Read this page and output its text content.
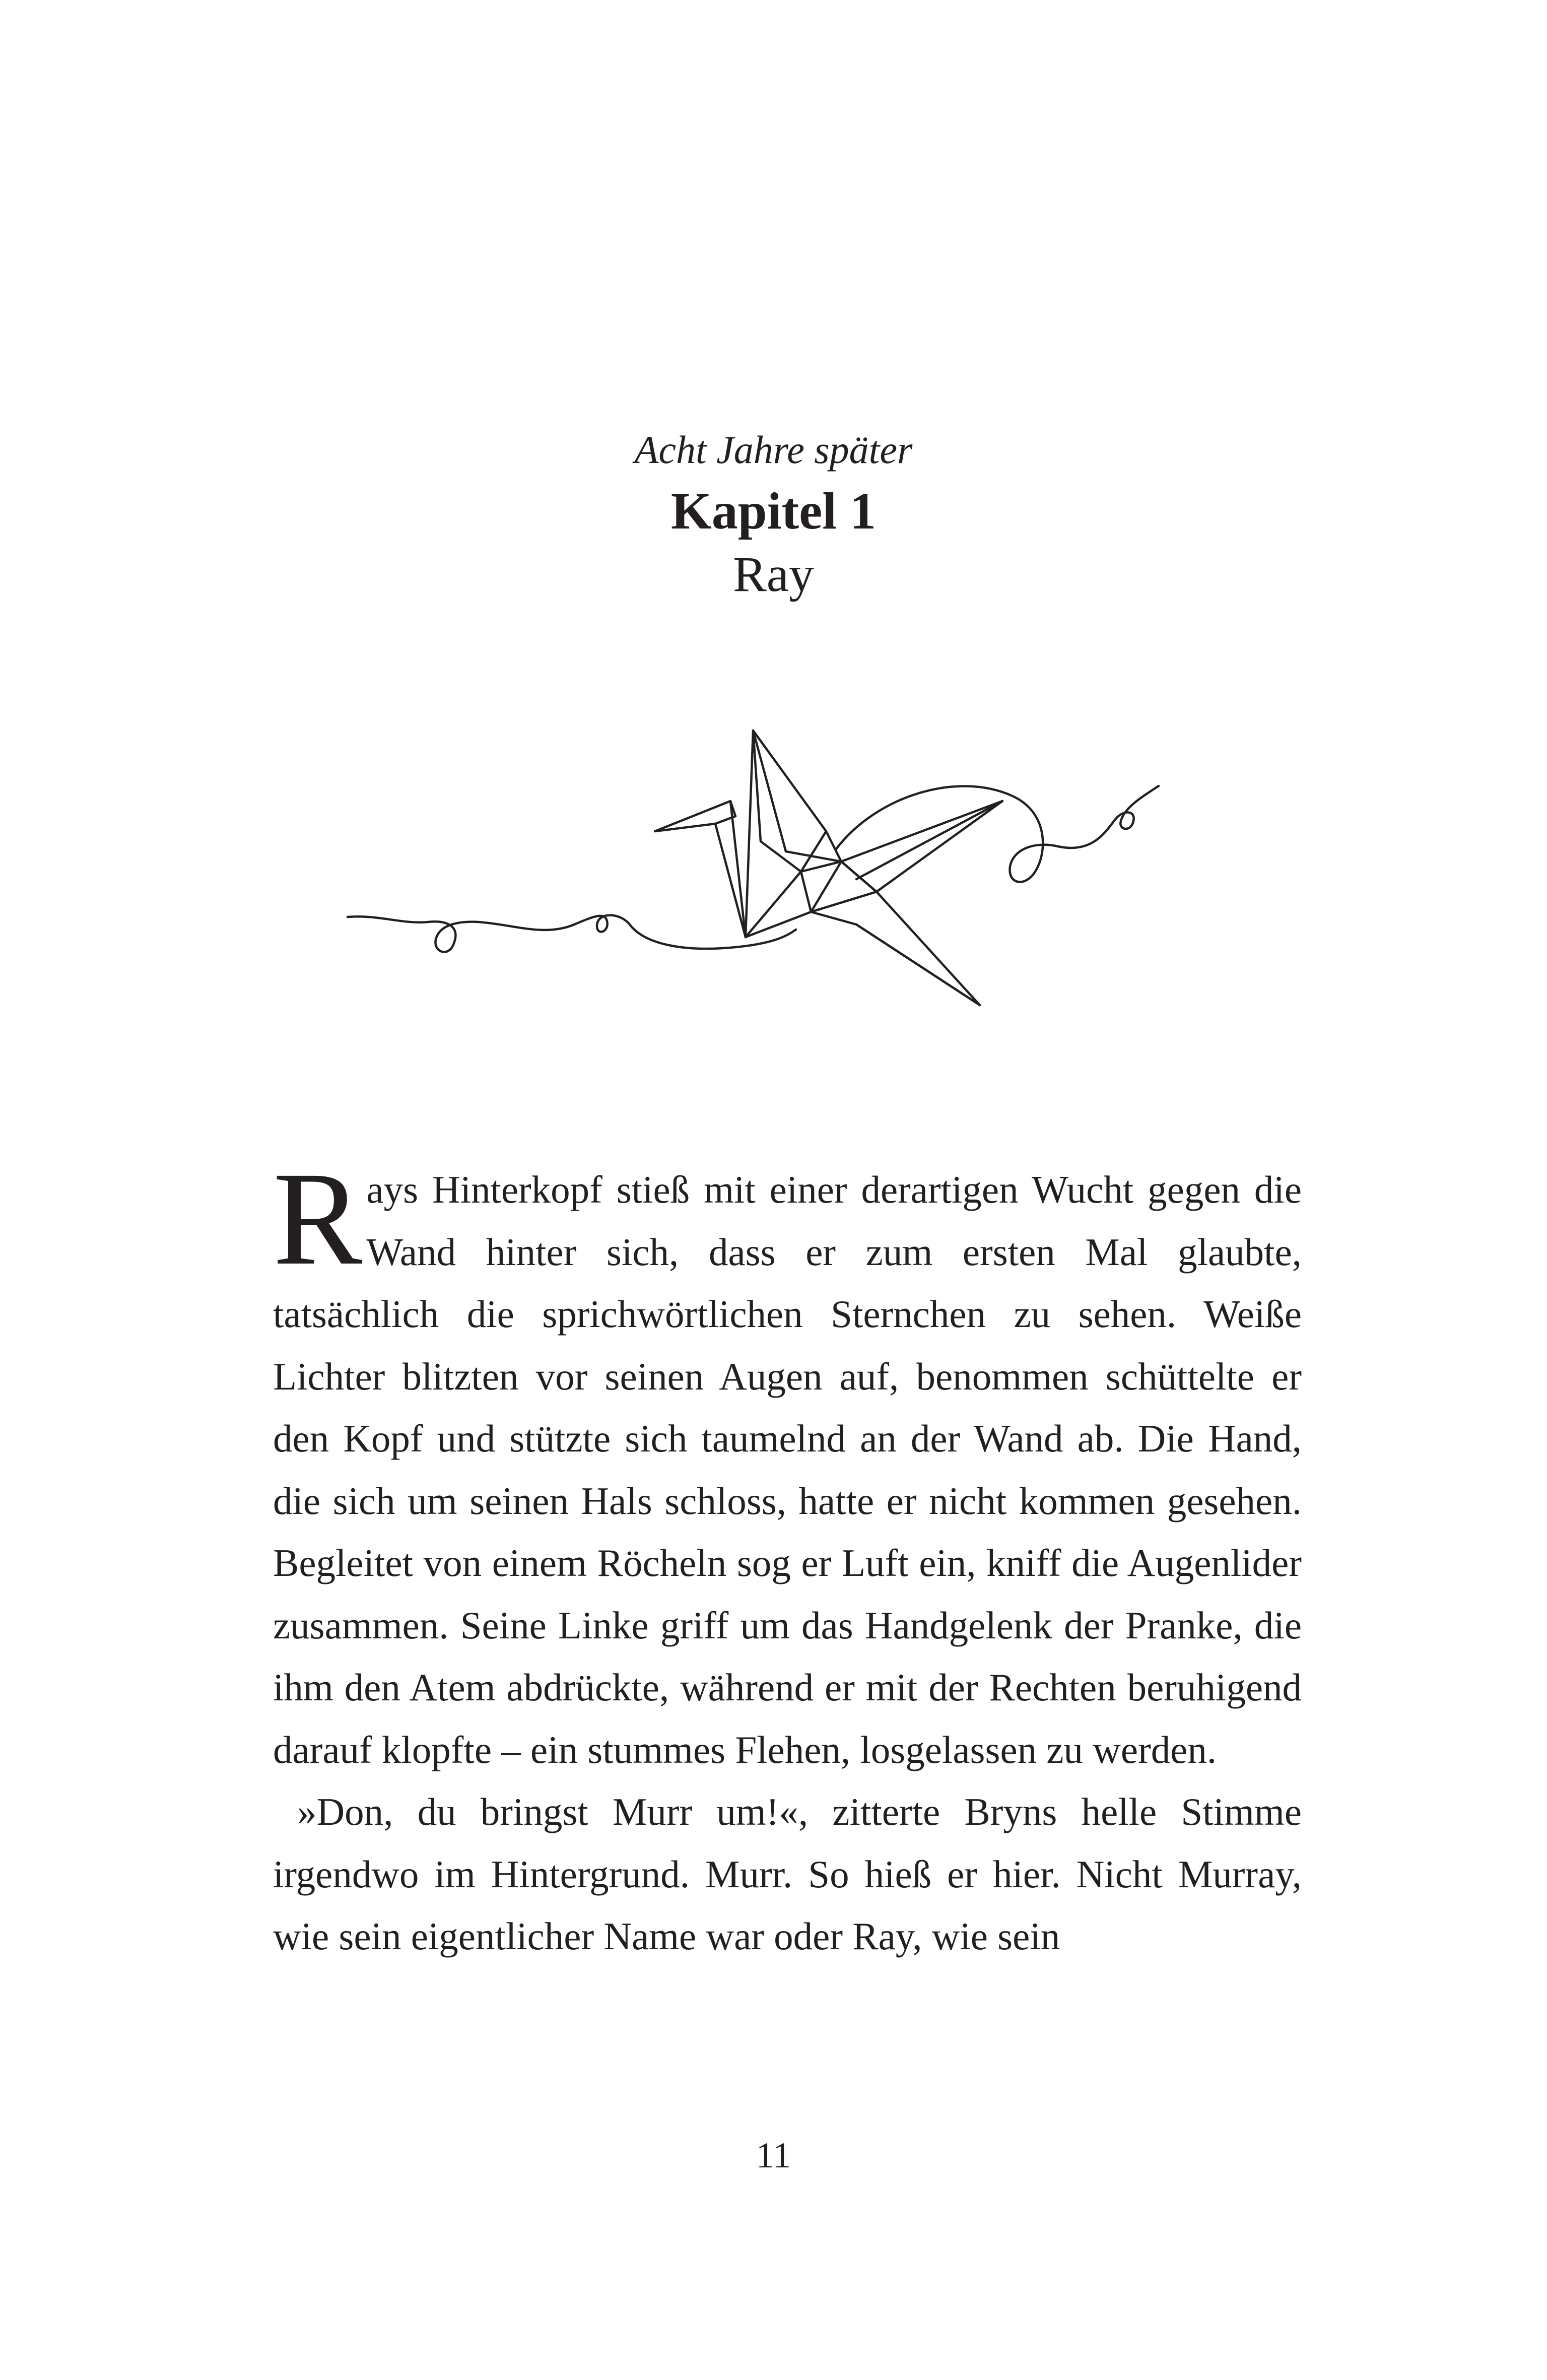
Acht Jahre später
Kapitel 1
Ray

Rays Hinterkopf stieß mit einer derartigen Wucht gegen die Wand hinter sich, dass er zum ersten Mal glaubte, tatsächlich die sprichwörtlichen Sternchen zu sehen. Weiße Lichter blitzten vor seinen Augen auf, benommen schüttelte er den Kopf und stützte sich taumelnd an der Wand ab. Die Hand, die sich um seinen Hals schloss, hatte er nicht kommen gesehen. Begleitet von einem Röcheln sog er Luft ein, kniff die Augenlider zusammen. Seine Linke griff um das Handgelenk der Pranke, die ihm den Atem abdrückte, während er mit der Rechten beruhigend darauf klopfte – ein stummes Flehen, losgelassen zu werden.

»Don, du bringst Murr um!«, zitterte Bryns helle Stimme irgendwo im Hintergrund. Murr. So hieß er hier. Nicht Murray, wie sein eigentlicher Name war oder Ray, wie sein

11
